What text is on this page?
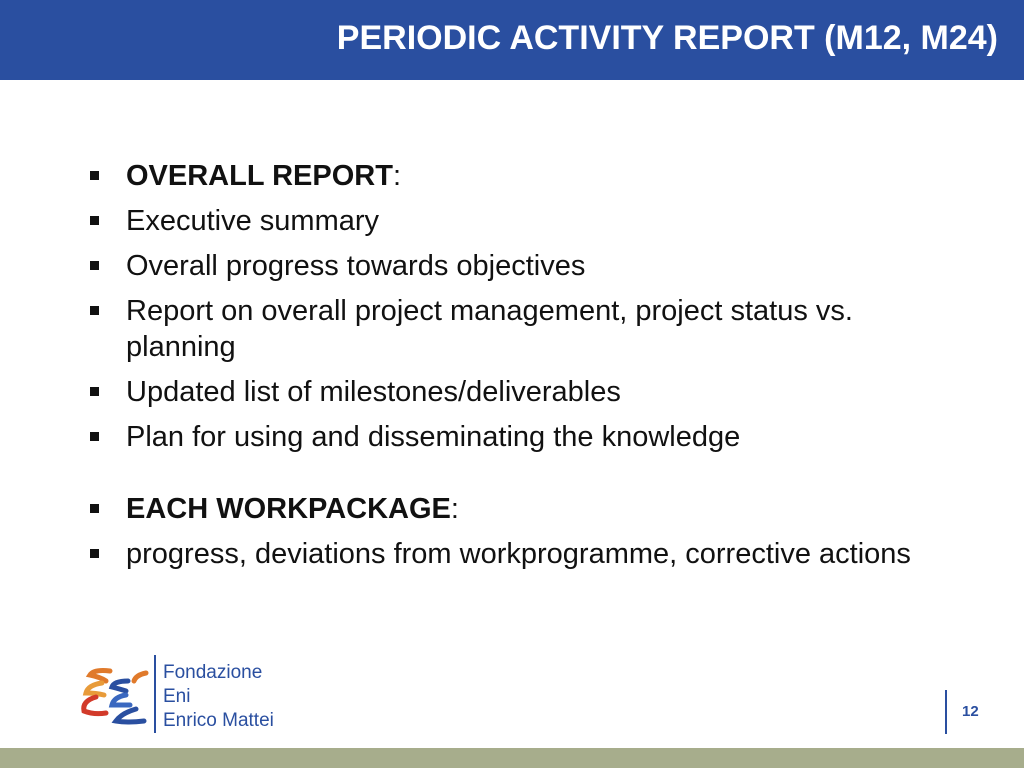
PERIODIC ACTIVITY REPORT (M12, M24)
OVERALL REPORT:
Executive summary
Overall progress towards objectives
Report on overall project management, project status vs. planning
Updated list of milestones/deliverables
Plan for using and disseminating the knowledge
EACH WORKPACKAGE:
progress, deviations from workprogramme, corrective actions
Fondazione
Eni
Enrico Mattei	12
